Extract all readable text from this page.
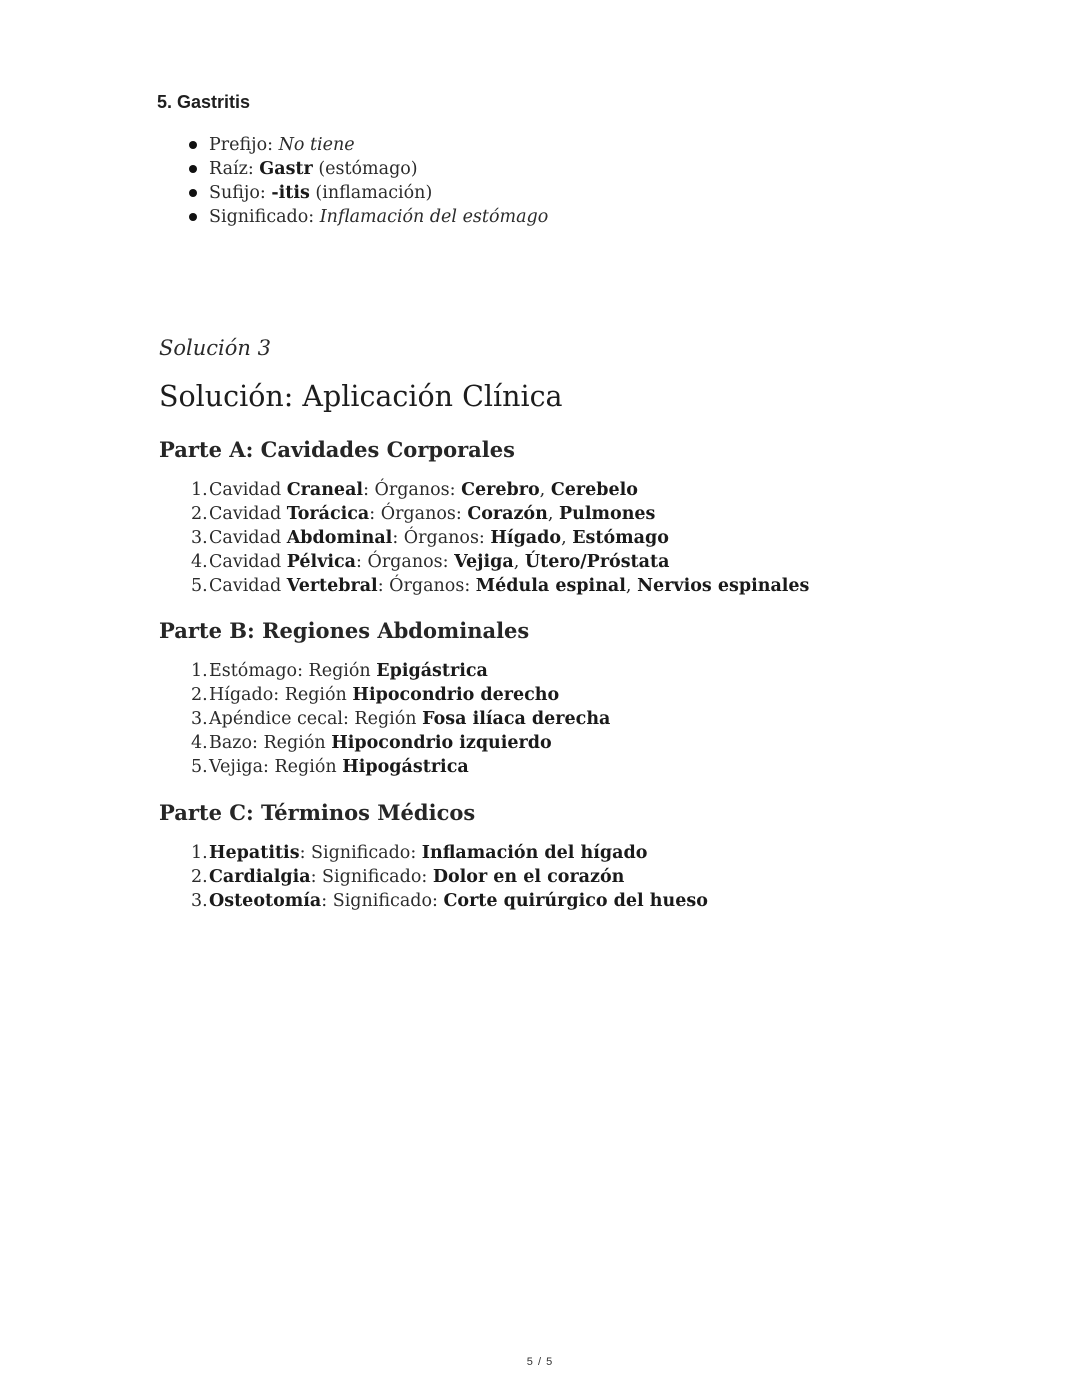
5. Gastritis
Prefijo: No tiene
Raíz: Gastr (estómago)
Sufijo: -itis (inflamación)
Significado: Inflamación del estómago
Solución 3
Solución: Aplicación Clínica
Parte A: Cavidades Corporales
1.Cavidad Craneal: Órganos: Cerebro, Cerebelo
2.Cavidad Torácica: Órganos: Corazón, Pulmones
3.Cavidad Abdominal: Órganos: Hígado, Estómago
4.Cavidad Pélvica: Órganos: Vejiga, Útero/Próstata
5.Cavidad Vertebral: Órganos: Médula espinal, Nervios espinales
Parte B: Regiones Abdominales
1.Estómago: Región Epigástrica
2.Hígado: Región Hipocondrio derecho
3.Apéndice cecal: Región Fosa ilíaca derecha
4.Bazo: Región Hipocondrio izquierdo
5.Vejiga: Región Hipogástrica
Parte C: Términos Médicos
1.Hepatitis: Significado: Inflamación del hígado
2.Cardialgia: Significado: Dolor en el corazón
3.Osteotomía: Significado: Corte quirúrgico del hueso
5 / 5
